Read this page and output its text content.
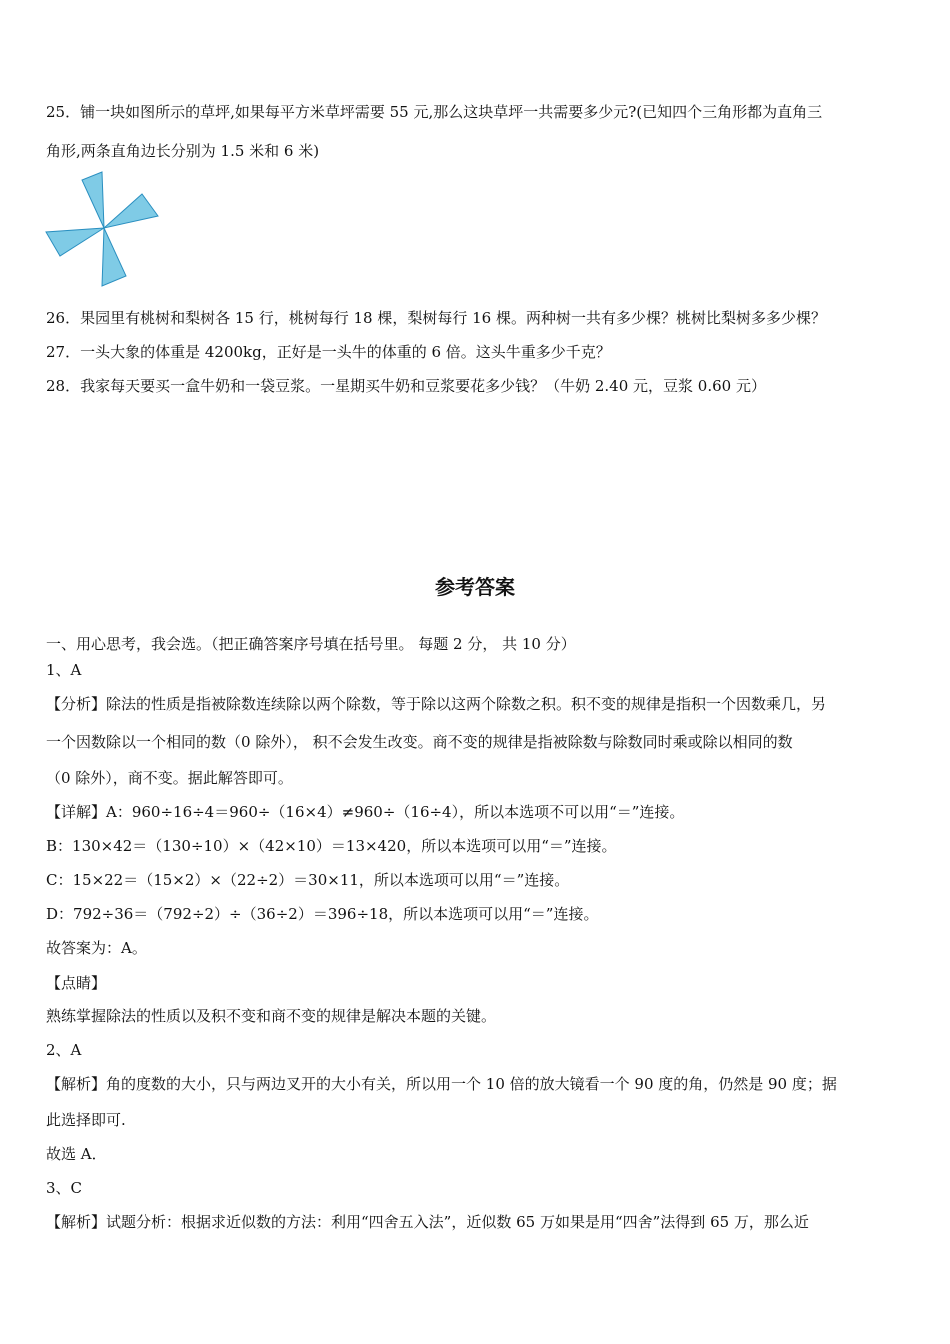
25．铺一块如图所示的草坪,如果每平方米草坪需要 55 元,那么这块草坪一共需要多少元?(已知四个三角形都为直角三
角形,两条直角边长分别为 1.5 米和 6 米)
26．果园里有桃树和梨树各 15 行，桃树每行 18 棵，梨树每行 16 棵。两种树一共有多少棵？桃树比梨树多多少棵？
27．一头大象的体重是 4200kg，正好是一头牛的体重的 6 倍。这头牛重多少千克？
28．我家每天要买一盒牛奶和一袋豆浆。一星期买牛奶和豆浆要花多少钱？（牛奶 2.40 元，豆浆 0.60 元）
参考答案
一、用心思考，我会选。（把正确答案序号填在括号里。 每题 2 分， 共 10 分）
1、A
【分析】除法的性质是指被除数连续除以两个除数，等于除以这两个除数之积。积不变的规律是指积一个因数乘几，另
一个因数除以一个相同的数（0 除外）， 积不会发生改变。商不变的规律是指被除数与除数同时乘或除以相同的数
（0 除外），商不变。据此解答即可。
【详解】A：960÷16÷4＝960÷（16×4）≠960÷（16÷4），所以本选项不可以用“＝”连接。
B：130×42＝（130÷10）×（42×10）＝13×420，所以本选项可以用“＝”连接。
C：15×22＝（15×2）×（22÷2）＝30×11，所以本选项可以用“＝”连接。
D：792÷36＝（792÷2）÷（36÷2）＝396÷18，所以本选项可以用“＝”连接。
故答案为：A。
【点睛】
熟练掌握除法的性质以及积不变和商不变的规律是解决本题的关键。
2、A
【解析】角的度数的大小，只与两边叉开的大小有关，所以用一个 10 倍的放大镜看一个 90 度的角，仍然是 90 度；据
此选择即可.
故选 A．
3、C
【解析】试题分析：根据求近似数的方法：利用“四舍五入法”，近似数 65 万如果是用“四舍”法得到 65 万，那么近
